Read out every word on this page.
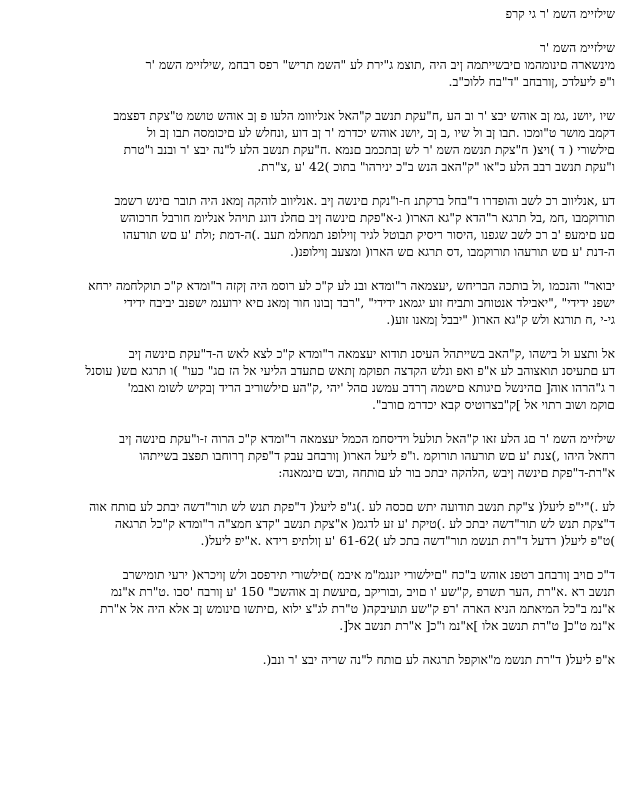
שילזיימ השמ 'ר גי קרפ
שילזיימ השמ 'ר
מינשארה םינומהמו םיבשייתמה ןיב היה ,תוצמ ג"ירת לע "השמ תריש" רפס רבחמ ,שילזיימ השמ 'ר
.ו"פ ליעלדכ ,ןורבחב "ד"בח ללוכ"ב
שיו ,יושנ ,גמ ןב אוהש יבצ 'ר וב הע ,ח"עקת תנשב ק"האל אנליווומ הלעו פ ןב אוהש טושמ ט"צקת דפצמב
דקמב מושר ט"ומכו .תבו ןב ול שיו ,ב ןב ,יושנ אוהש יכדרמ 'ר ןב דוע ,ונחלש לע םיכומסה תבו ןב ול
םילשורי ( ד )ויצ( ח"צקת תנשמ השמ 'ר לש ןבתכמב םנמא .ח"עקת תנשב הלע ל"נה יבצ 'ר ובנב ו"טרת
.ו"עקת תנשב רבב הלע כ"או "ק"האב הנש ב"כ ינירהו" בתוכ )42 'ע ,צ"רת
דע ,אנליווב רכ לשב והופדרו ד"בחל ברקתנ ח-ו"נקת םינשה ןיב .אנליווב לוהקה ןמאנ היה תובר םינש רשמב
תורוקמבו ,חמ ,בל תרגא ר"הדא ק"גא הארו( ג-א"פקת םינשה ןיב םחלנ דוגנ תויהל אנליומ חורבל חרכוהש
םע םימעפ 'ב רכ לשב שגפנו ,היסור ריסיק תבוטל לגיר ןוילופנ תמחלמ תעב .)ה-דמת ;ולת 'ע םש תורעהו
.)ה-דנת 'ע םש תורעהו תורוקמבו ,דס תרגא םש הארו( ומצעב ןוילופנ
יבואר" והנכמו ,ול בותכה הבריחש ,יעצמאה ר"ומדא ובנ לע ק"כ לע רוסמ היה ןקזה ר"ומדא ק"כ תוקלחמה ירחא
ישפנ ידידי" ,"יאבילד אנטוחב ותביח זוע יגמאנ ידידי" ,"רבד ןבונו חור ןמאנ םיא ירוענמ ישפנב יביבח ידידי
.)גי-י ,ח תורגא ולש ק"גא הארו( "יבבל ןמאנו זוע
אל ותצע ול בישהו ,ק"האב בשייתהל העיסנ תודוא יעצמאה ר"ומדא ק"כ לצא לאש ה-ד"עקת םינשה ןיב
דע םתעיסנ תואצוהב לע א"פ ואפ ונלש הקדצה תפוקמ ןתאש םתעדב הליעי אל הז םג" כעו" )ו תרגא םש( עוסנל
'ר ג"הרהו אוה[ םהינשל םיגותא םישמה ךרדב עמשנ םהל 'יהי ,ק"הע םילשוריב הריד ןבקיש לשומ ואבמ
."םוקמ ושוב רתוי אל ]ק"בצרוטיס קבא יכדרמ םורב
שילזיימ השמ 'ר םג הלע זאו ק"האל תולעל וידיסחמ הכמל יעצמאה ר"ומדא ק"כ הרוה ז-ו"עקת םינשה ןיב
רחאל היהו ,)צנת 'ע םש תורעהו תורוקמ .ו"פ ליעל הארו( ןורבחב עבק ד"פקת ךרוחבו תפצב בשייתהו
:א"רת-ד"פקת םינשה ןיבש ,הלהקה יבתכ בור לע םותחה ,ובש םינמאנה
לע .)"י"פ ליעל( צ"קת תנשב תודועה יתש םכסה לע .)ג"פ ליעל( ד"פקת תנש לש תור"דשה יבתכ לע םותח אוה
ד"צקת תנש לש תור"דשה יבתכ לע .)טיקת 'ע זע לדגמ( א"צקת תנשב "קדצ חמצ"ה ר"ומדא ק"כל תרגאה
.)ט"פ ליעל( רדעל ד"רת תנשמ תור"דשה בתכ לע )61-62 'ע ןולתיפ רידא .א"יפ ליעל(
ד"כ םויב ןורבחב רטפנ אוהש ב"כח "םילשורי יזנגמ"מ איבמ )םילשורי תירפסב ולש ןויכרא( ירעי תומישרב
תנשב רא .א"רת ,הער תשרפ ,ק"שע 'ו םויב ,ובוריקב ,םיעשת ןב אוהשכ" 150 'ע ןורבח 'סבו .ט"רת א"נמ
א"נמ ב"כל המיאתמ הניא הארה 'רפ ק"שע תועיבקה( ט"רת לג"צ ילוא ,םיתשו םינומש ןב אלא היה אל א"רת
.]א"נמ ט"כ[ ט"רת תנשב אלו ]א"נמ ו"כ[ א"רת תנשב אל
.)א"פ ליעל( ד"רת תנשמ מ"אוקפל תרגאה לע םותח ל"נה שריה יבצ 'ר ונב
